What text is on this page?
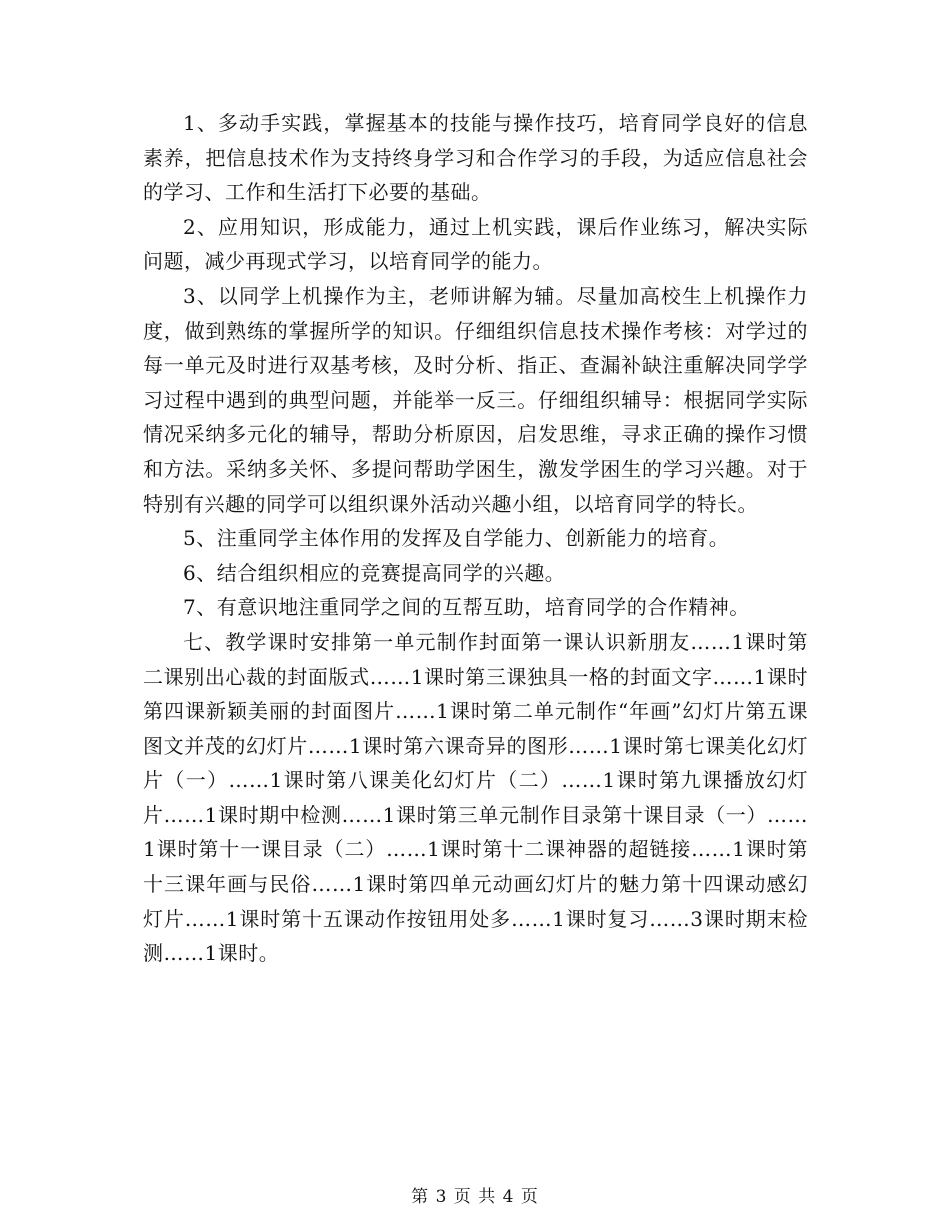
1、多动手实践，掌握基本的技能与操作技巧，培育同学良好的信息素养，把信息技术作为支持终身学习和合作学习的手段，为适应信息社会的学习、工作和生活打下必要的基础。

2、应用知识，形成能力，通过上机实践，课后作业练习，解决实际问题，减少再现式学习，以培育同学的能力。

3、以同学上机操作为主，老师讲解为辅。尽量加高校生上机操作力度，做到熟练的掌握所学的知识。仔细组织信息技术操作考核：对学过的每一单元及时进行双基考核，及时分析、指正、查漏补缺注重解决同学学习过程中遇到的典型问题，并能举一反三。仔细组织辅导：根据同学实际情况采纳多元化的辅导，帮助分析原因，启发思维，寻求正确的操作习惯和方法。采纳多关怀、多提问帮助学困生，激发学困生的学习兴趣。对于特别有兴趣的同学可以组织课外活动兴趣小组，以培育同学的特长。

5、注重同学主体作用的发挥及自学能力、创新能力的培育。

6、结合组织相应的竞赛提高同学的兴趣。

7、有意识地注重同学之间的互帮互助，培育同学的合作精神。

七、教学课时安排第一单元制作封面第一课认识新朋友……1课时第二课别出心裁的封面版式……1课时第三课独具一格的封面文字……1课时第四课新颖美丽的封面图片……1课时第二单元制作“年画”幻灯片第五课图文并茂的幻灯片……1课时第六课奇异的图形……1课时第七课美化幻灯片（一）……1课时第八课美化幻灯片（二）……1课时第九课播放幻灯片……1课时期中检测……1课时第三单元制作目录第十课目录（一）……1课时第十一课目录（二）……1课时第十二课神器的超链接……1课时第十三课年画与民俗……1课时第四单元动画幻灯片的魅力第十四课动感幻灯片……1课时第十五课动作按钮用处多……1课时复习……3课时期末检测……1课时。

第 3 页 共 4 页
